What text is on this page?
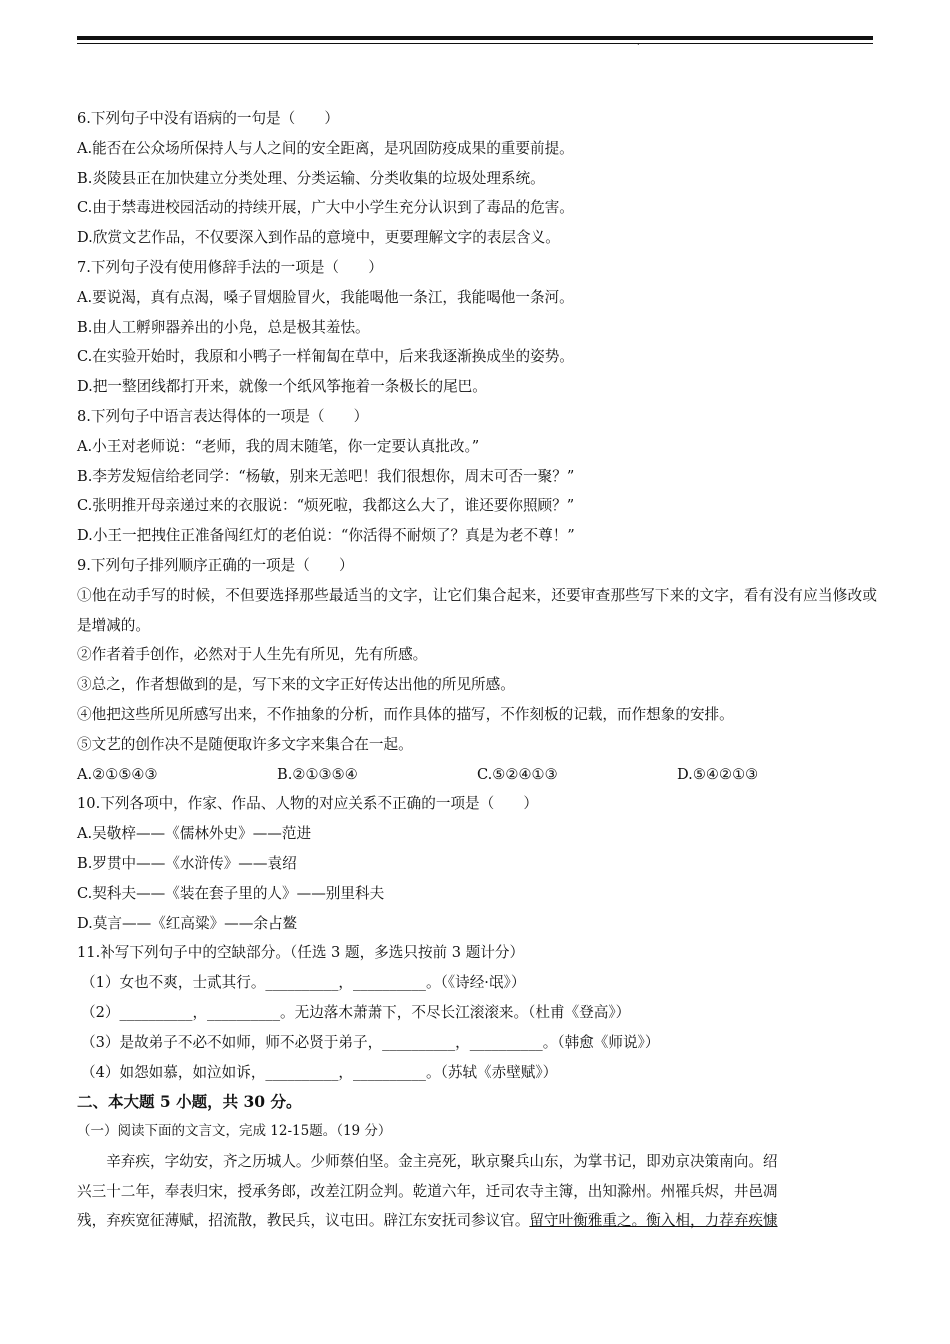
.
6.下列句子中没有语病的一句是（　　）
A.能否在公众场所保持人与人之间的安全距离，是巩固防疫成果的重要前提。
B.炎陵县正在加快建立分类处理、分类运输、分类收集的垃圾处理系统。
C.由于禁毒进校园活动的持续开展，广大中小学生充分认识到了毒品的危害。
D.欣赏文艺作品，不仅要深入到作品的意境中，更要理解文字的表层含义。
7.下列句子没有使用修辞手法的一项是（　　）
A.要说渴，真有点渴，嗓子冒烟脸冒火，我能喝他一条江，我能喝他一条河。
B.由人工孵卵器养出的小凫，总是极其羞怯。
C.在实验开始时，我原和小鸭子一样匍匐在草中，后来我逐渐换成坐的姿势。
D.把一整团线都打开来，就像一个纸风筝拖着一条极长的尾巴。
8.下列句子中语言表达得体的一项是（　　）
A.小王对老师说：“老师，我的周末随笔，你一定要认真批改。”
B.李芳发短信给老同学：“杨敏，别来无恙吧！我们很想你，周末可否一聚？”
C.张明推开母亲递过来的衣服说：“烦死啦，我都这么大了，谁还要你照顾？”
D.小王一把拽住正准备闯红灯的老伯说：“你活得不耐烦了？真是为老不尊！”
9.下列句子排列顺序正确的一项是（　　）
①他在动手写的时候，不但要选择那些最适当的文字，让它们集合起来，还要审查那些写下来的文字，看有没有应当修改或是增减的。
②作者着手创作，必然对于人生先有所见，先有所感。
③总之，作者想做到的是，写下来的文字正好传达出他的所见所感。
④他把这些所见所感写出来，不作抽象的分析，而作具体的描写，不作刻板的记载，而作想象的安排。
⑤文艺的创作决不是随便取许多文字来集合在一起。
A.②①⑤④③	B.②①③⑤④	C.⑤②④①③	D.⑤④②①③
10.下列各项中，作家、作品、人物的对应关系不正确的一项是（　　）
A.吴敬梓——《儒林外史》——范进
B.罗贯中——《水浒传》——袁绍
C.契科夫——《装在套子里的人》——别里科夫
D.莫言——《红高粱》——余占鳌
11.补写下列句子中的空缺部分。（任选 3 题，多选只按前 3 题计分）
（1）女也不爽，士贰其行。__________，__________。（《诗经·氓》）
（2）__________，__________。无边落木萧萧下，不尽长江滚滚来。（杜甫《登高》）
（3）是故弟子不必不如师，师不必贤于弟子，__________，__________。（韩愈《师说》）
（4）如怨如慕，如泣如诉，__________，__________。（苏轼《赤壁赋》）
二、本大题 5 小题，共 30 分。
（一）阅读下面的文言文，完成 12-15题。（19 分）
辛弃疾，字幼安，齐之历城人。少师蔡伯坚。金主亮死，耿京聚兵山东，为掌书记，即劝京决策南向。绍
兴三十二年，奉表归宋，授承务郎，改差江阴佥判。乾道六年，迁司农寺主簿，出知滁州。州罹兵烬，井邑凋
残，弃疾宽征薄赋，招流散，教民兵，议屯田。辟江东安抚司参议官。留守叶衡雅重之。衡入相，力荐弃疾慷
